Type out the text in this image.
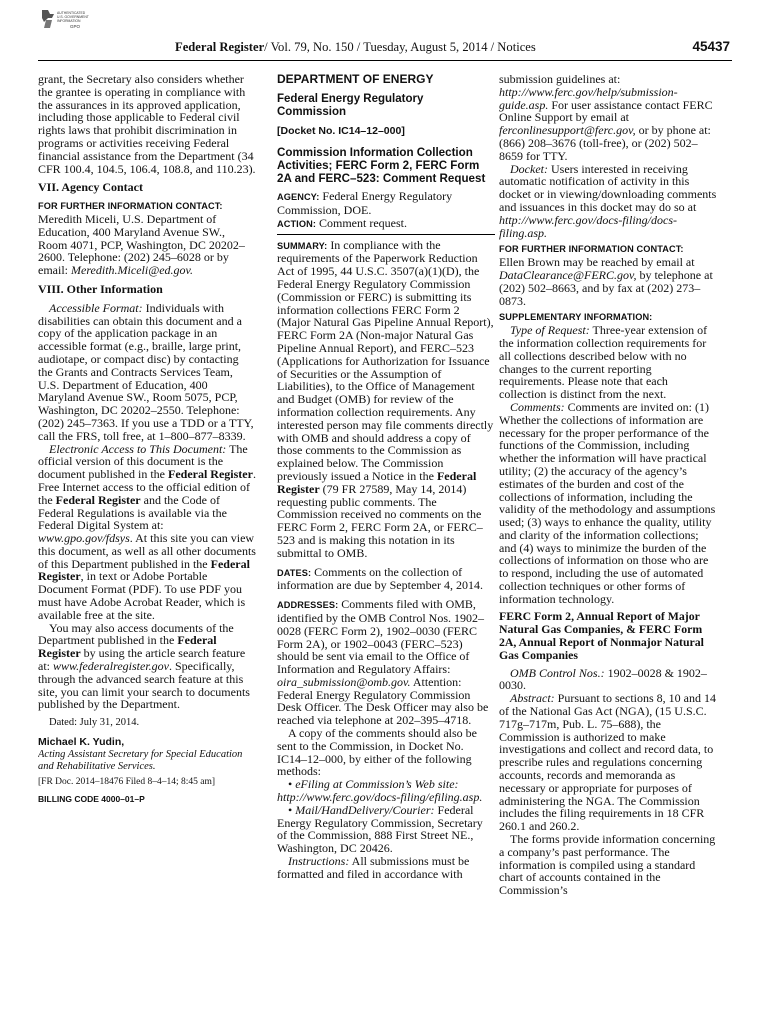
AUTHENTICATED
U.S. GOVERNMENT
INFORMATION
GPO
Federal Register/ Vol. 79, No. 150 / Tuesday, August 5, 2014 / Notices	45437

grant, the Secretary also considers whether the grantee is operating in compliance with the assurances in its approved application, including those applicable to Federal civil rights laws that prohibit discrimination in programs or activities receiving Federal financial assistance from the Department (34 CFR 100.4, 104.5, 106.4, 108.8, and 110.23).

VII. Agency Contact

FOR FURTHER INFORMATION CONTACT:

Meredith Miceli, U.S. Department of Education, 400 Maryland Avenue SW., Room 4071, PCP, Washington, DC 20202–2600. Telephone: (202) 245–6028 or by email: Meredith.Miceli@ed.gov.

VIII. Other Information

Accessible Format: Individuals with disabilities can obtain this document and a copy of the application package in an accessible format (e.g., braille, large print, audiotape, or compact disc) by contacting the Grants and Contracts Services Team, U.S. Department of Education, 400 Maryland Avenue SW., Room 5075, PCP, Washington, DC 20202–2550. Telephone: (202) 245–7363. If you use a TDD or a TTY, call the FRS, toll free, at 1–800–877–8339.

Electronic Access to This Document: The official version of this document is the document published in the Federal Register. Free Internet access to the official edition of the Federal Register and the Code of Federal Regulations is available via the Federal Digital System at: www.gpo.gov/fdsys. At this site you can view this document, as well as all other documents of this Department published in the Federal Register, in text or Adobe Portable Document Format (PDF). To use PDF you must have Adobe Acrobat Reader, which is available free at the site.

You may also access documents of the Department published in the Federal Register by using the article search feature at: www.federalregister.gov. Specifically, through the advanced search feature at this site, you can limit your search to documents published by the Department.

Dated: July 31, 2014.

Michael K. Yudin,

Acting Assistant Secretary for Special Education and Rehabilitative Services.

[FR Doc. 2014–18476 Filed 8–4–14; 8:45 am]

BILLING CODE 4000–01–P

DEPARTMENT OF ENERGY

Federal Energy Regulatory Commission

[Docket No. IC14–12–000]

Commission Information Collection Activities; FERC Form 2, FERC Form 2A and FERC–523: Comment Request

AGENCY: Federal Energy Regulatory Commission, DOE.

ACTION: Comment request.

SUMMARY: In compliance with the requirements of the Paperwork Reduction Act of 1995, 44 U.S.C. 3507(a)(1)(D), the Federal Energy Regulatory Commission (Commission or FERC) is submitting its information collections FERC Form 2 (Major Natural Gas Pipeline Annual Report), FERC Form 2A (Non-major Natural Gas Pipeline Annual Report), and FERC–523 (Applications for Authorization for Issuance of Securities or the Assumption of Liabilities), to the Office of Management and Budget (OMB) for review of the information collection requirements. Any interested person may file comments directly with OMB and should address a copy of those comments to the Commission as explained below. The Commission previously issued a Notice in the Federal Register (79 FR 27589, May 14, 2014) requesting public comments. The Commission received no comments on the FERC Form 2, FERC Form 2A, or FERC–523 and is making this notation in its submittal to OMB.

DATES: Comments on the collection of information are due by September 4, 2014.

ADDRESSES: Comments filed with OMB, identified by the OMB Control Nos. 1902–0028 (FERC Form 2), 1902–0030 (FERC Form 2A), or 1902–0043 (FERC–523) should be sent via email to the Office of Information and Regulatory Affairs: oira_submission@omb.gov. Attention: Federal Energy Regulatory Commission Desk Officer. The Desk Officer may also be reached via telephone at 202–395–4718.

A copy of the comments should also be sent to the Commission, in Docket No. IC14–12–000, by either of the following methods:

• eFiling at Commission’s Web site:
http://www.ferc.gov/docs-filing/efiling.asp.

• Mail/HandDelivery/Courier: Federal Energy Regulatory Commission, Secretary of the Commission, 888 First Street NE., Washington, DC 20426.

Instructions: All submissions must be formatted and filed in accordance with

submission guidelines at: http://www.ferc.gov/help/submission-guide.asp. For user assistance contact FERC Online Support by email at ferconlinesupport@ferc.gov, or by phone at: (866) 208–3676 (toll-free), or (202) 502–8659 for TTY.

Docket: Users interested in receiving automatic notification of activity in this docket or in viewing/downloading comments and issuances in this docket may do so at http://www.ferc.gov/docs-filing/docs-filing.asp.

FOR FURTHER INFORMATION CONTACT:

Ellen Brown may be reached by email at DataClearance@FERC.gov, by telephone at (202) 502–8663, and by fax at (202) 273–0873.

SUPPLEMENTARY INFORMATION:

Type of Request: Three-year extension of the information collection requirements for all collections described below with no changes to the current reporting requirements. Please note that each collection is distinct from the next.

Comments: Comments are invited on: (1) Whether the collections of information are necessary for the proper performance of the functions of the Commission, including whether the information will have practical utility; (2) the accuracy of the agency’s estimates of the burden and cost of the collections of information, including the validity of the methodology and assumptions used; (3) ways to enhance the quality, utility and clarity of the information collections; and (4) ways to minimize the burden of the collections of information on those who are to respond, including the use of automated collection techniques or other forms of information technology.

FERC Form 2, Annual Report of Major Natural Gas Companies, & FERC Form 2A, Annual Report of Nonmajor Natural Gas Companies

OMB Control Nos.: 1902–0028 & 1902–0030.

Abstract: Pursuant to sections 8, 10 and 14 of the National Gas Act (NGA), (15 U.S.C. 717g–717m, Pub. L. 75–688), the Commission is authorized to make investigations and collect and record data, to prescribe rules and regulations concerning accounts, records and memoranda as necessary or appropriate for purposes of administering the NGA. The Commission includes the filing requirements in 18 CFR 260.1 and 260.2.

The forms provide information concerning a company’s past performance. The information is compiled using a standard chart of accounts contained in the Commission’s
